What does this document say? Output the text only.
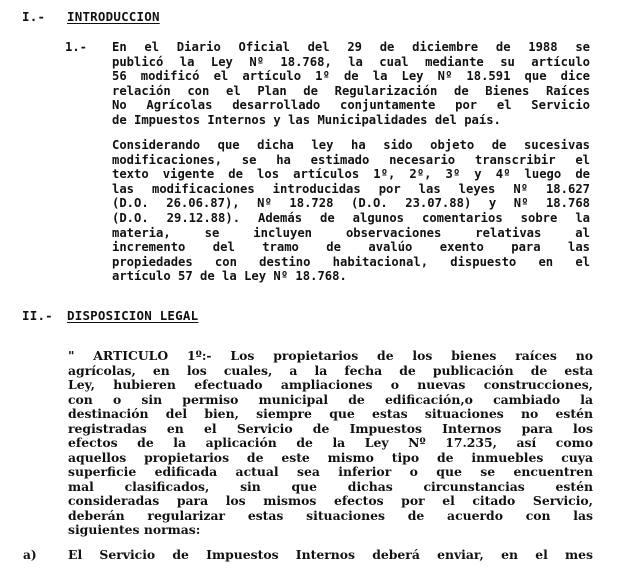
I.- INTRODUCCION
1.- En el Diario Oficial del 29 de diciembre de 1988 se
publicó la Ley Nº 18.768, la cual mediante su artículo
56 modificó el artículo 1º de la Ley Nº 18.591 que dice
relación con el Plan de Regularización de Bienes Raíces
No Agrícolas desarrollado conjuntamente por el Servicio
de Impuestos Internos y las Municipalidades del país.
Considerando que dicha ley ha sido objeto de sucesivas
modificaciones, se ha estimado necesario transcribir el
texto vigente de los artículos 1º, 2º, 3º y 4º luego de
las modificaciones introducidas por las leyes Nº 18.627
(D.O. 26.06.87), Nº 18.728 (D.O. 23.07.88) y Nº 18.768
(D.O. 29.12.88). Además de algunos comentarios sobre la
materia, se incluyen observaciones relativas al
incremento del tramo de avalúo exento para las
propiedades con destino habitacional, dispuesto en el
artículo 57 de la Ley Nº 18.768.
II.- DISPOSICION LEGAL
" ARTICULO 1º:- Los propietarios de los bienes raíces no
agrícolas, en los cuales, a la fecha de publicación de esta
Ley, hubieren efectuado ampliaciones o nuevas construcciones,
con o sin permiso municipal de edificación,o cambiado la
destinación del bien, siempre que estas situaciones no estén
registradas en el Servicio de Impuestos Internos para los
efectos de la aplicación de la Ley Nº 17.235, así como
aquellos propietarios de este mismo tipo de inmuebles cuya
superficie edificada actual sea inferior o que se encuentren
mal clasificados, sin que dichas circunstancias estén
consideradas para los mismos efectos por el citado Servicio,
deberán regularizar estas situaciones de acuerdo con las
siguientes normas:
a)	El Servicio de Impuestos Internos deberá enviar, en el mes
